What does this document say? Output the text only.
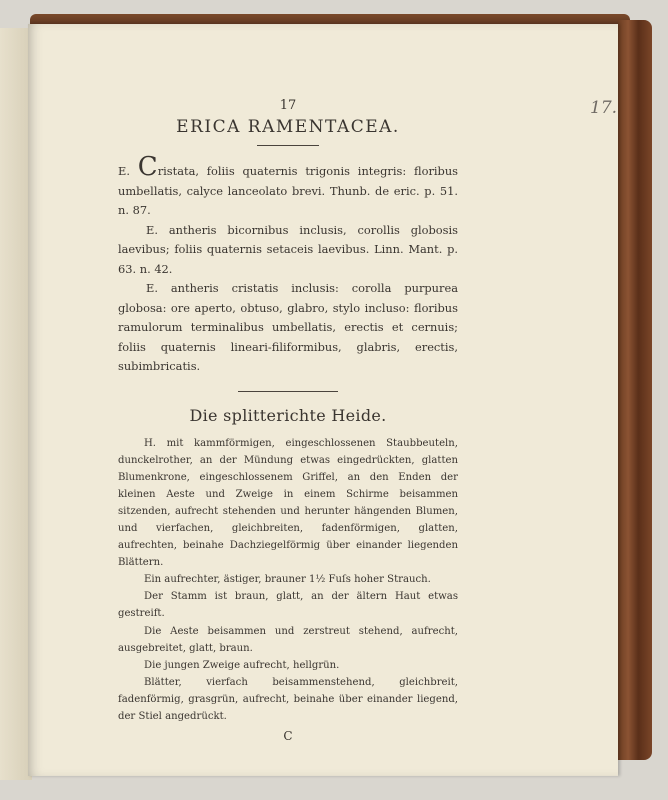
17.

17

ERICA RAMENTACEA.

E. Cristata, foliis quaternis trigonis integris: floribus umbellatis, calyce lanceolato brevi. Thunb. de eric. p. 51. n. 87.

E. antheris bicornibus inclusis, corollis globosis laevibus; foliis quaternis setaceis laevibus. Linn. Mant. p. 63. n. 42.

E. antheris cristatis inclusis: corolla purpurea globosa: ore aperto, obtuso, glabro, stylo incluso: floribus ramulorum terminalibus umbellatis, erectis et cernuis; foliis quaternis lineari-filiformibus, glabris, erectis, subimbricatis.

Die splitterichte Heide.

H. mit kammförmigen, eingeschlossenen Staubbeuteln, dunckelrother, an der Mündung etwas eingedrückten, glatten Blumenkrone, eingeschlossenem Griffel, an den Enden der kleinen Aeste und Zweige in einem Schirme beisammen sitzenden, aufrecht stehenden und herunter hängenden Blumen, und vierfachen, gleichbreiten, fadenförmigen, glatten, aufrechten, beinahe Dachziegelförmig über einander liegenden Blättern.

Ein aufrechter, ästiger, brauner 1½ Fuſs hoher Strauch.

Der Stamm ist braun, glatt, an der ältern Haut etwas gestreift.

Die Aeste beisammen und zerstreut stehend, aufrecht, ausgebreitet, glatt, braun.

Die jungen Zweige aufrecht, hellgrün.

Blätter, vierfach beisammenstehend, gleichbreit, fadenförmig, grasgrün, aufrecht, beinahe über einander liegend, der Stiel angedrückt.

C
